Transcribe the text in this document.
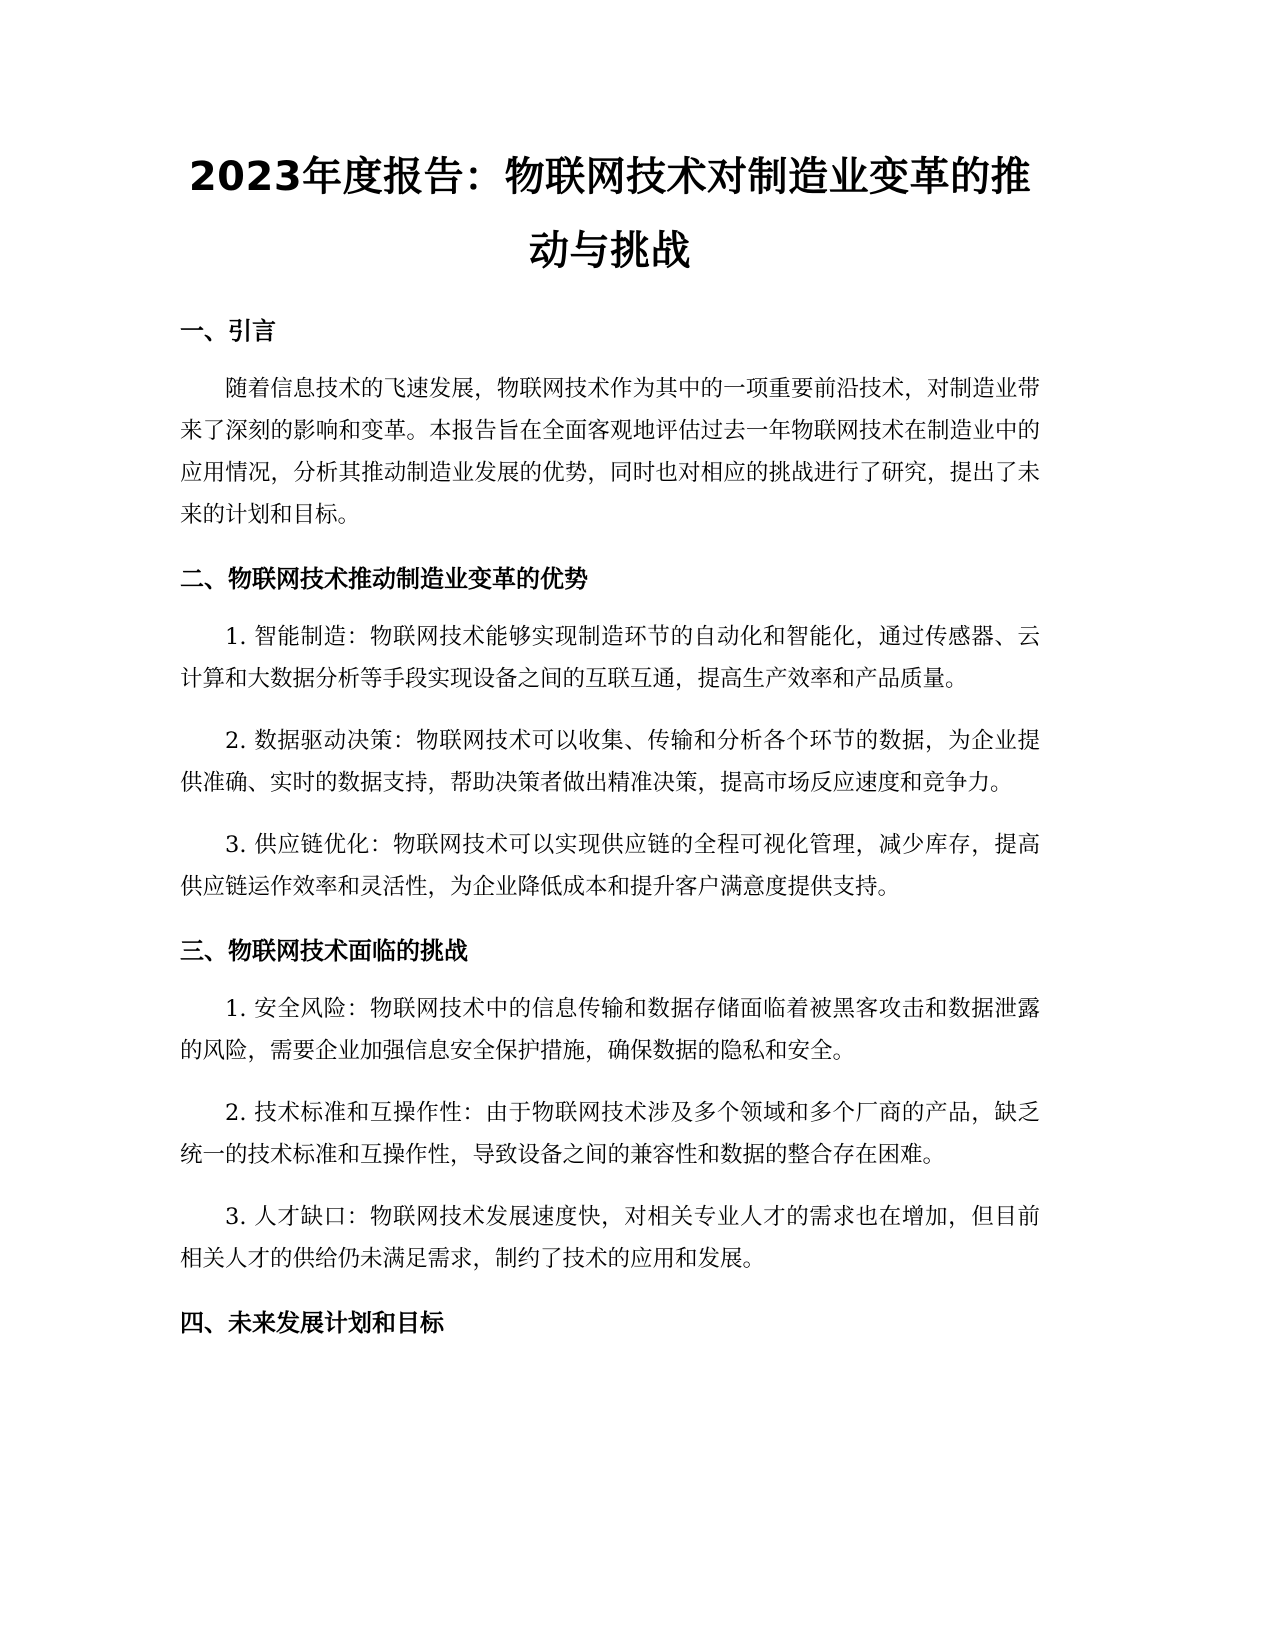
2023年度报告：物联网技术对制造业变革的推动与挑战
一、引言

随着信息技术的飞速发展，物联网技术作为其中的一项重要前沿技术，对制造业带来了深刻的影响和变革。本报告旨在全面客观地评估过去一年物联网技术在制造业中的应用情况，分析其推动制造业发展的优势，同时也对相应的挑战进行了研究，提出了未来的计划和目标。

二、物联网技术推动制造业变革的优势

1. 智能制造：物联网技术能够实现制造环节的自动化和智能化，通过传感器、云计算和大数据分析等手段实现设备之间的互联互通，提高生产效率和产品质量。

2. 数据驱动决策：物联网技术可以收集、传输和分析各个环节的数据，为企业提供准确、实时的数据支持，帮助决策者做出精准决策，提高市场反应速度和竞争力。

3. 供应链优化：物联网技术可以实现供应链的全程可视化管理，减少库存，提高供应链运作效率和灵活性，为企业降低成本和提升客户满意度提供支持。

三、物联网技术面临的挑战

1. 安全风险：物联网技术中的信息传输和数据存储面临着被黑客攻击和数据泄露的风险，需要企业加强信息安全保护措施，确保数据的隐私和安全。

2. 技术标准和互操作性：由于物联网技术涉及多个领域和多个厂商的产品，缺乏统一的技术标准和互操作性，导致设备之间的兼容性和数据的整合存在困难。

3. 人才缺口：物联网技术发展速度快，对相关专业人才的需求也在增加，但目前相关人才的供给仍未满足需求，制约了技术的应用和发展。

四、未来发展计划和目标
